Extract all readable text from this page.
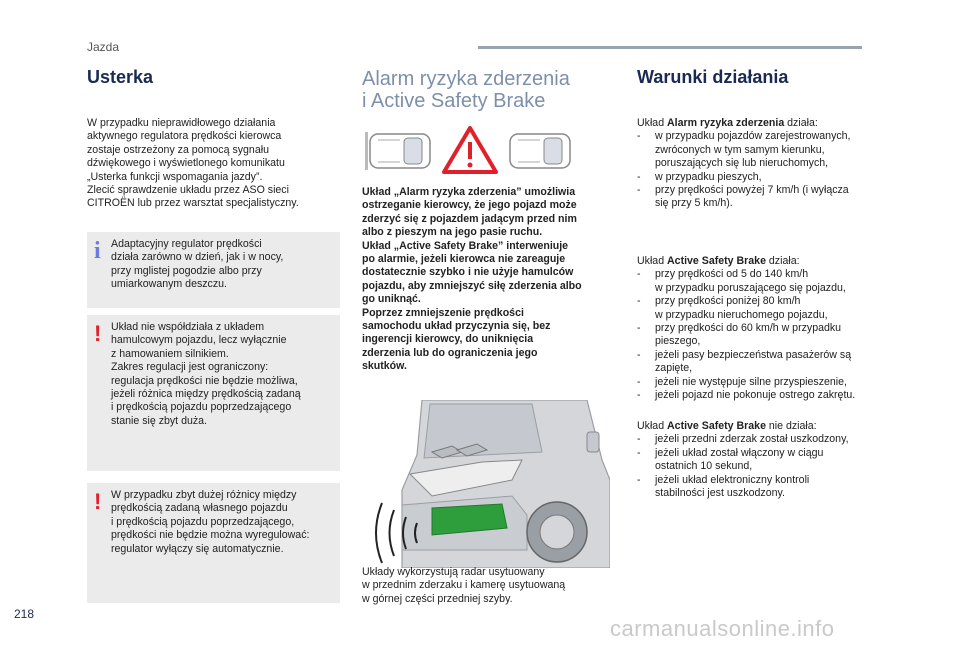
Jazda
Usterka
W przypadku nieprawidłowego działania
aktywnego regulatora prędkości kierowca
zostaje ostrzeżony za pomocą sygnału
dźwiękowego i wyświetlonego komunikatu
„Usterka funkcji wspomagania jazdy”.
Zlecić sprawdzenie układu przez ASO sieci
CITROËN lub przez warsztat specjalistyczny.
i Adaptacyjny regulator prędkości
działa zarówno w dzień, jak i w nocy,
przy mglistej pogodzie albo przy
umiarkowanym deszczu.
! Układ nie współdziała z układem
hamulcowym pojazdu, lecz wyłącznie
z hamowaniem silnikiem.
Zakres regulacji jest ograniczony:
regulacja prędkości nie będzie możliwa,
jeżeli różnica między prędkością zadaną
i prędkością pojazdu poprzedzającego
stanie się zbyt duża.
! W przypadku zbyt dużej różnicy między
prędkością zadaną własnego pojazdu
i prędkością pojazdu poprzedzającego,
prędkości nie będzie można wyregulować:
regulator wyłączy się automatycznie.
Alarm ryzyka zderzenia
i Active Safety Brake
Układ „Alarm ryzyka zderzenia” umożliwia
ostrzeganie kierowcy, że jego pojazd może
zderzyć się z pojazdem jadącym przed nim
albo z pieszym na jego pasie ruchu.
Układ „Active Safety Brake” interweniuje
po alarmie, jeżeli kierowca nie zareaguje
dostatecznie szybko i nie użyje hamulców
pojazdu, aby zmniejszyć siłę zderzenia albo
go uniknąć.
Poprzez zmniejszenie prędkości
samochodu układ przyczynia się, bez
ingerencji kierowcy, do uniknięcia
zderzenia lub do ograniczenia jego
skutków.
Układy wykorzystują radar usytuowany
w przednim zderzaku i kamerę usytuowaną
w górnej części przedniej szyby.
Warunki działania
Układ Alarm ryzyka zderzenia działa:
- w przypadku pojazdów zarejestrowanych,
zwróconych w tym samym kierunku,
poruszających się lub nieruchomych,
- w przypadku pieszych,
- przy prędkości powyżej 7 km/h (i wyłącza
się przy 5 km/h).
Układ Active Safety Brake działa:
- przy prędkości od 5 do 140 km/h
w przypadku poruszającego się pojazdu,
- przy prędkości poniżej 80 km/h
w przypadku nieruchomego pojazdu,
- przy prędkości do 60 km/h w przypadku
pieszego,
- jeżeli pasy bezpieczeństwa pasażerów są
zapięte,
- jeżeli nie występuje silne przyspieszenie,
- jeżeli pojazd nie pokonuje ostrego zakrętu.
Układ Active Safety Brake nie działa:
- jeżeli przedni zderzak został uszkodzony,
- jeżeli układ został włączony w ciągu
ostatnich 10 sekund,
- jeżeli układ elektroniczny kontroli
stabilności jest uszkodzony.
218
carmanualsonline.info
